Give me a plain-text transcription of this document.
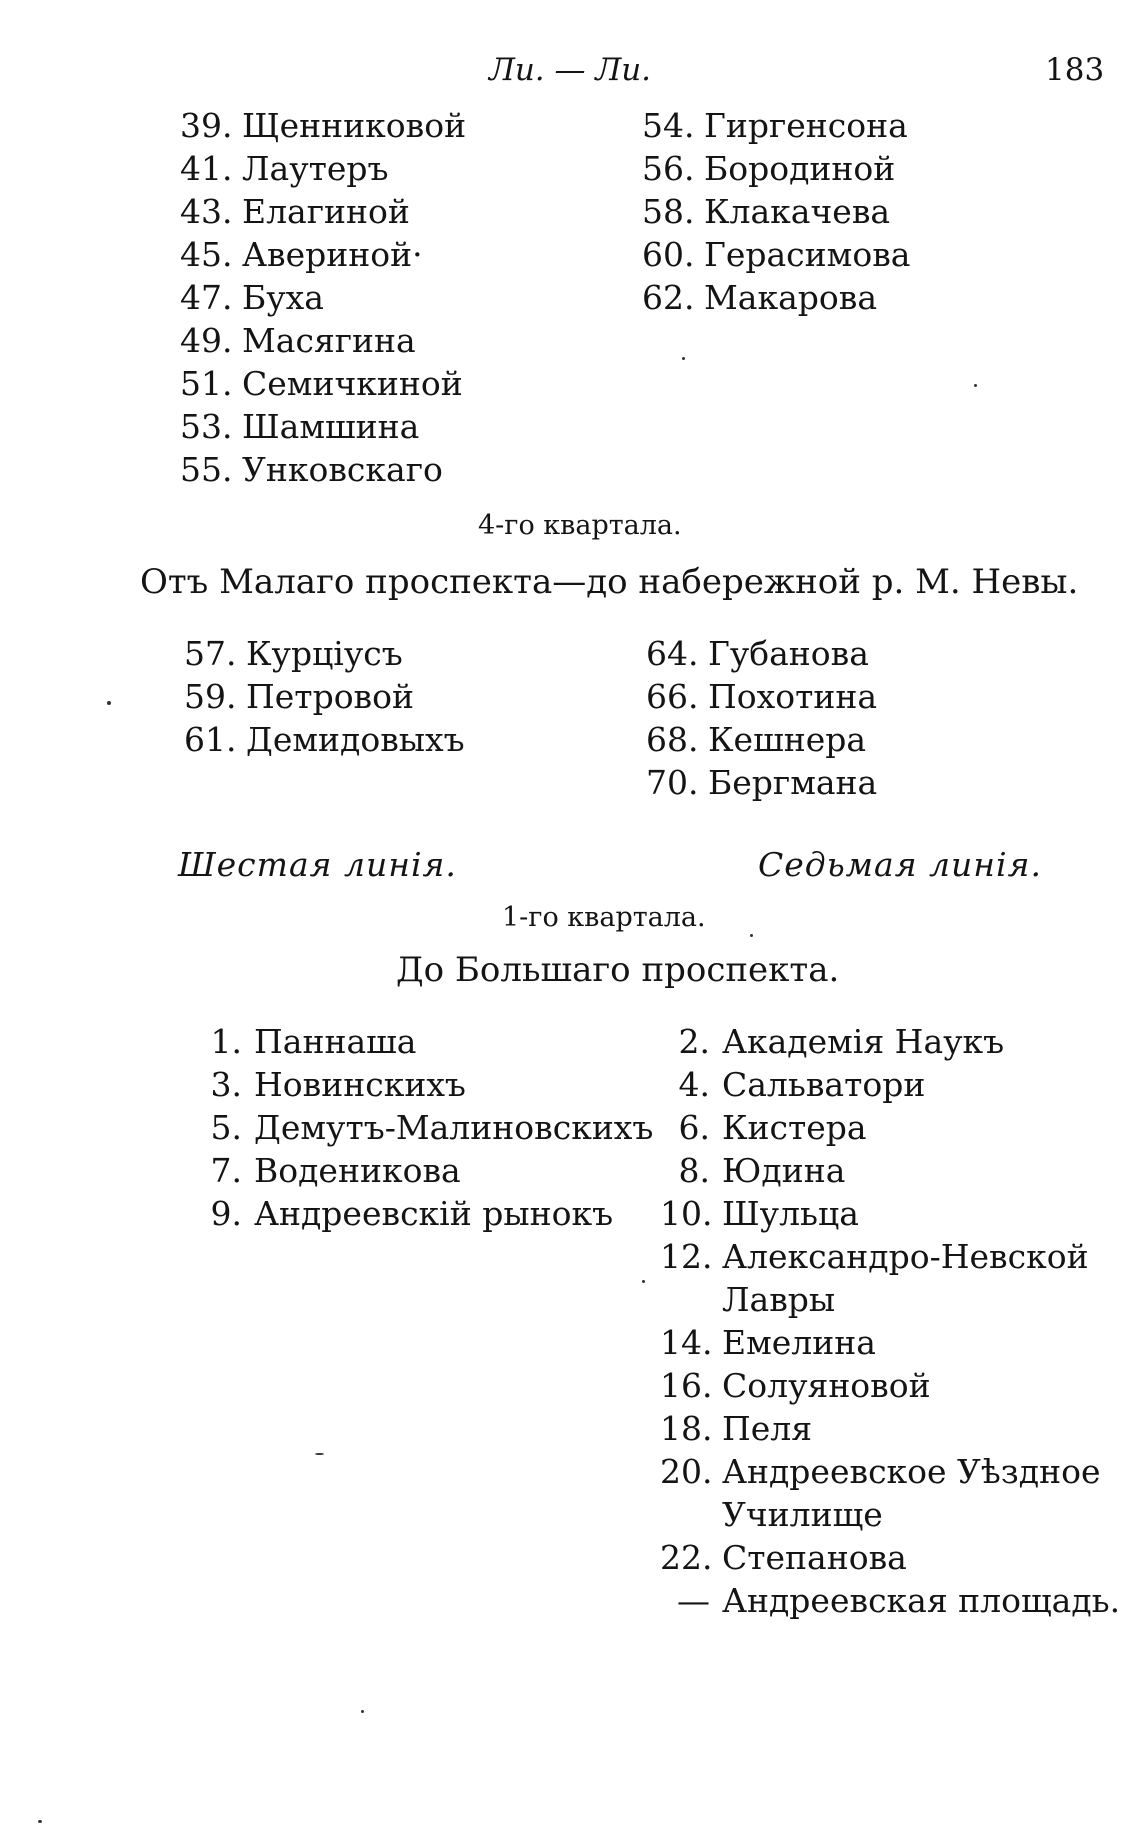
Ли. — Ли.	183
39. Щенниковой
41. Лаутеръ
43. Елагиной
45. Авериной·
47. Буха
49. Масягина
51. Семичкиной
53. Шамшина
55. Унковскаго
54. Гиргенсона
56. Бородиной
58. Клакачева
60. Герасимова
62. Макарова
4-го квартала.
Отъ Малаго проспекта—до набережной р. М. Невы.
57. Курціусъ
59. Петровой
61. Демидовыхъ
64. Губанова
66. Похотина
68. Кешнера
70. Бергмана
Шестая линія.	Седьмая линія.
1-го квартала.
До Большаго проспекта.
1. Паннаша
3. Новинскихъ
5. Демутъ-Малиновскихъ
7. Воденикова
9. Андреевскій рынокъ
2. Академія Наукъ
4. Сальватори
6. Кистера
8. Юдина
10. Шульца
12. Александро-Невской
Лавры
14. Емелина
16. Солуяновой
18. Пеля
20. Андреевское Уѣздное
Училище
22. Степанова
— Андреевская площадь.
